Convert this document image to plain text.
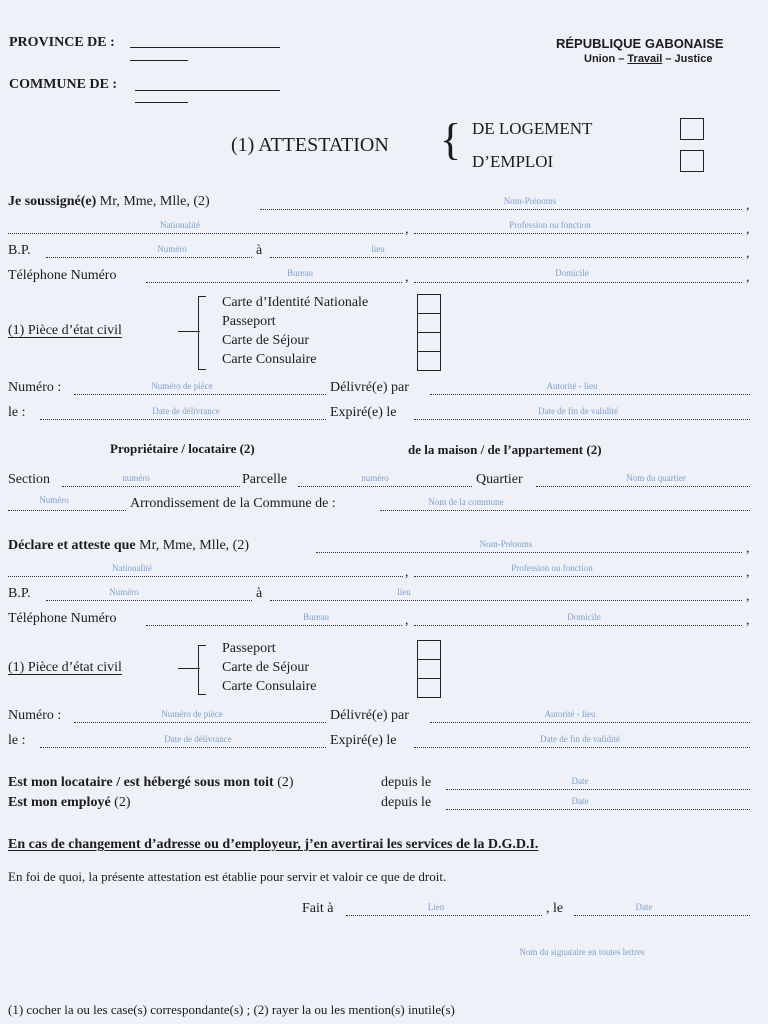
PROVINCE DE :
COMMUNE DE :
RÉPUBLIQUE GABONAISE
Union – Travail – Justice
(1) ATTESTATION { DE LOGEMENT
D’EMPLOI
Je soussigné(e) Mr, Mme, Mlle, (2)	Nom-Prénoms	,
Nationalité	,	Profession ou fonction	,
B.P.	Numéro	à	lieu	,
Téléphone Numéro	Bureau	,	Domicile	,
(1) Pièce d’état civil
Carte d’Identité Nationale
Passeport
Carte de Séjour
Carte Consulaire
Numéro :	Numéro de pièce	Délivré(e) par	Autorité - lieu
le :	Date de délivrance	Expiré(e) le	Date de fin de validité
Propriétaire / locataire (2)	de la maison / de l’appartement (2)
Section	numéro	Parcelle	numéro	Quartier	Nom du quartier
Numéro	Arrondissement de la Commune de :	Nom de la commune
Déclare et atteste que Mr, Mme, Mlle, (2)	Nom-Prénoms	,
Nationalité	,	Profession ou fonction	,
B.P.	Numéro	à	lieu	,
Téléphone Numéro	Bureau	,	Domicile	,
(1) Pièce d’état civil
Passeport
Carte de Séjour
Carte Consulaire
Numéro :	Numéro de pièce	Délivré(e) par	Autorité - lieu
le :	Date de délivrance	Expiré(e) le	Date de fin de validité
Est mon locataire / est hébergé sous mon toit (2)	depuis le	Date
Est mon employé (2)	depuis le	Date
En cas de changement d’adresse ou d’employeur, j’en avertirai les services de la D.G.D.I.
En foi de quoi, la présente attestation est établie pour servir et valoir ce que de droit.
Fait à	Lieu	, le	Date
Nom du signataire en toutes lettres
(1) cocher la ou les case(s) correspondante(s) ; (2) rayer la ou les mention(s) inutile(s)
